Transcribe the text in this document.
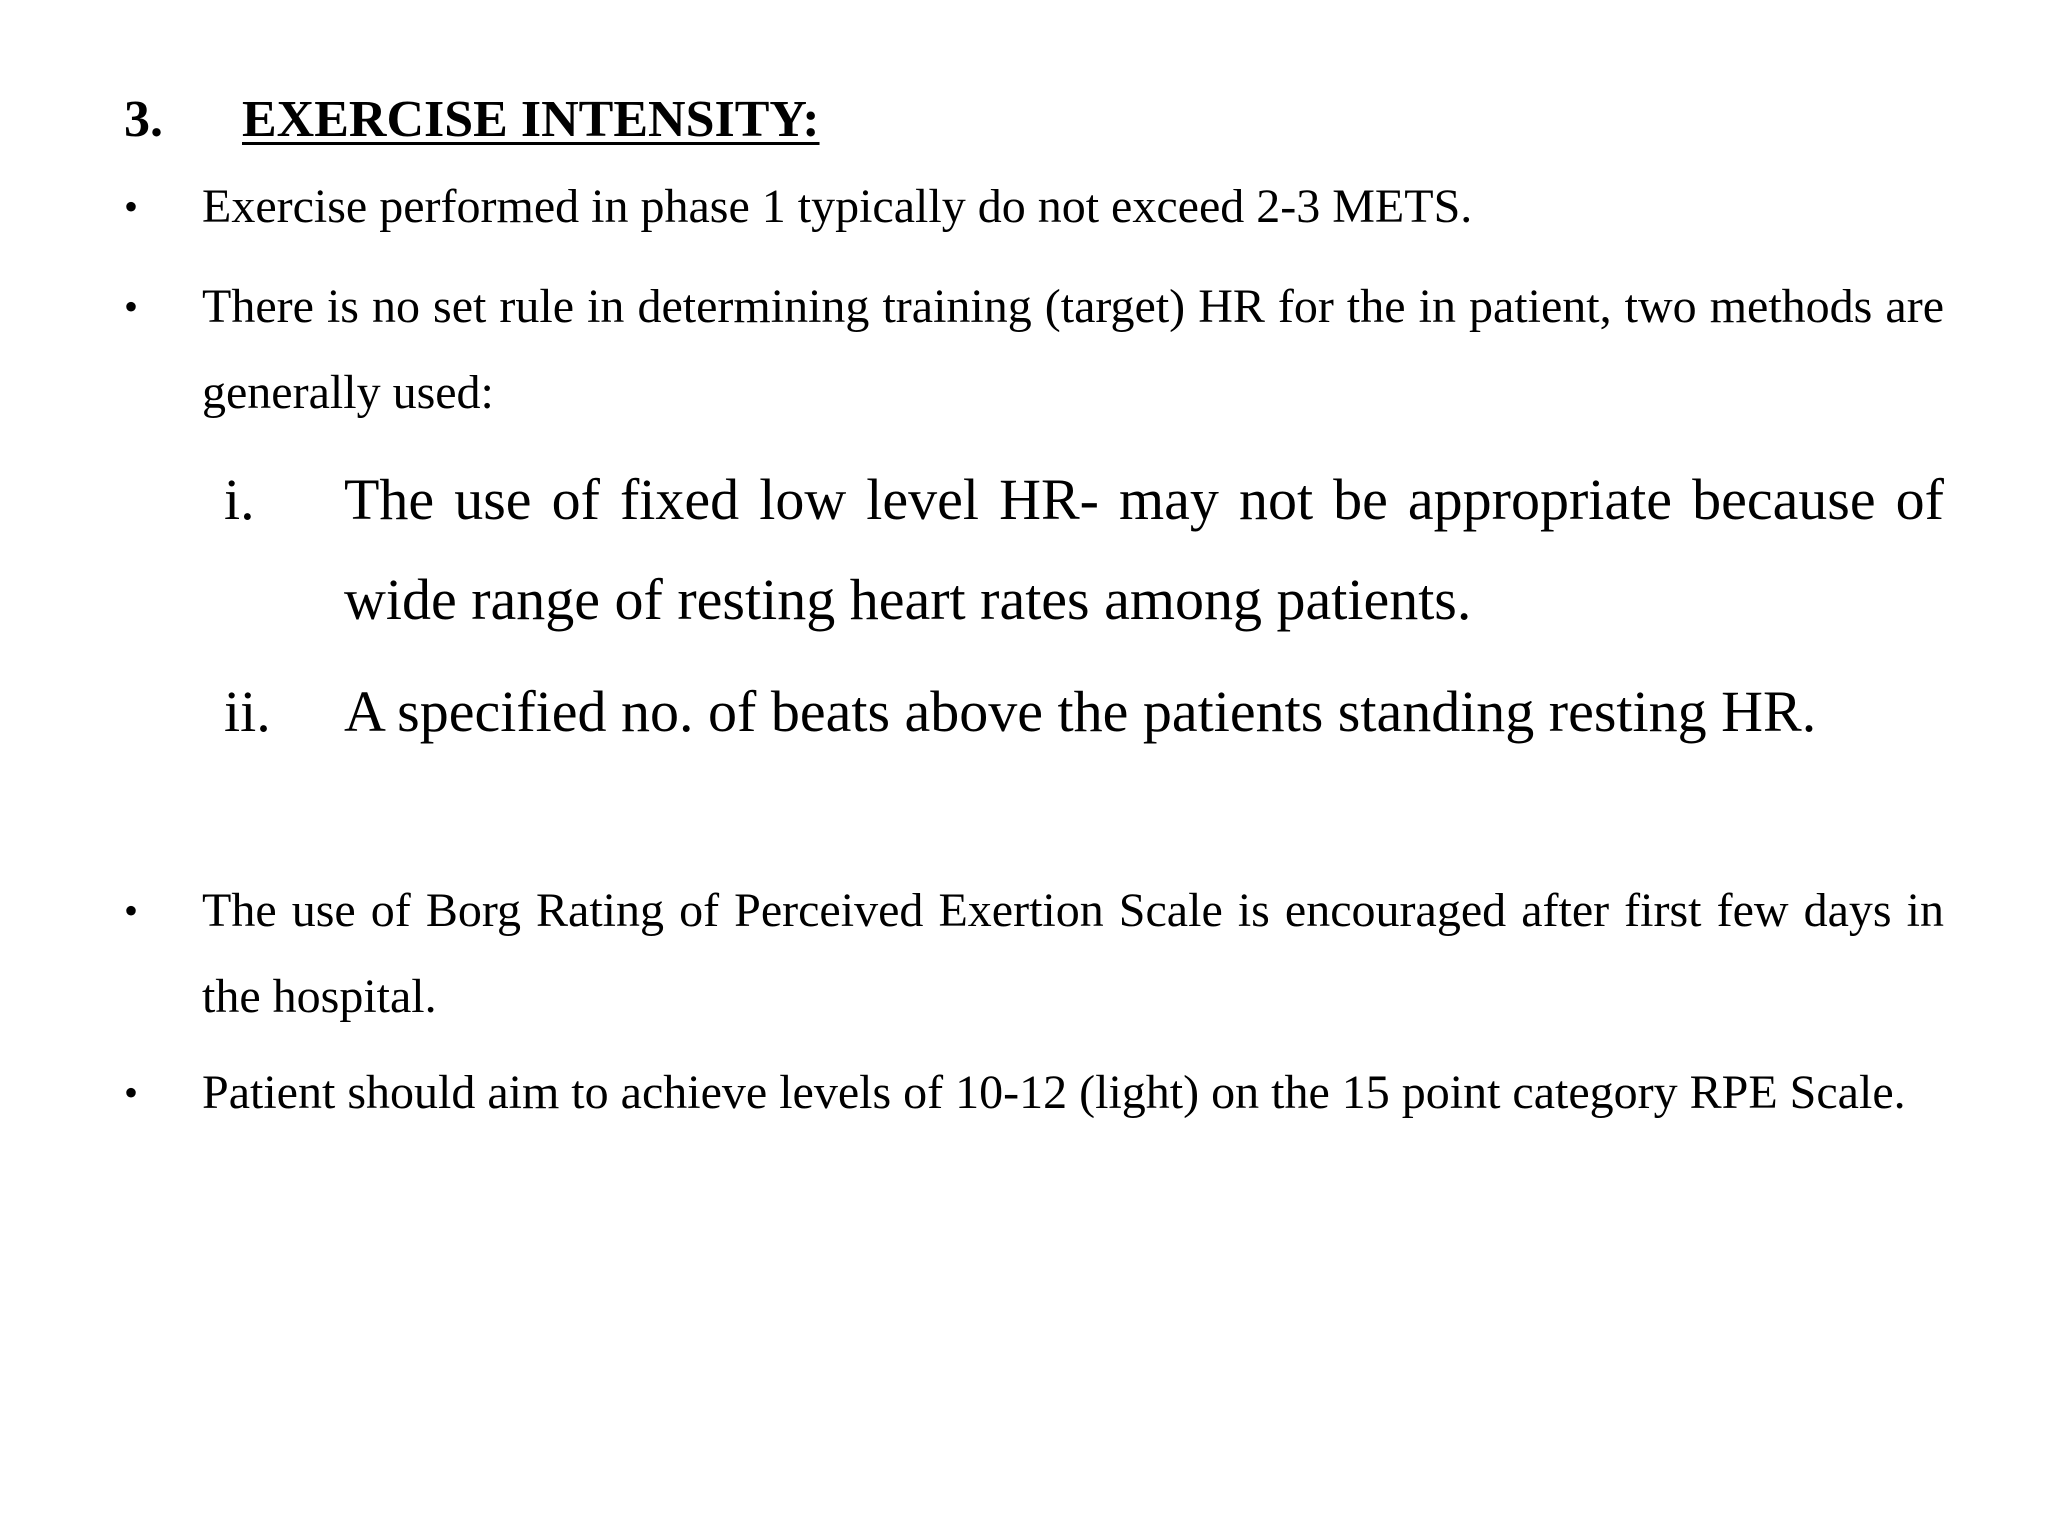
3. EXERCISE INTENSITY:
•	Exercise performed in phase 1 typically do not exceed 2-3 METS.
•	There is no set rule in determining training (target) HR for the in patient, two methods are generally used:
i. The use of fixed low level HR- may not be appropriate because of wide range of resting heart rates among patients.
ii. A specified no. of beats above the patients standing resting HR.
•	The use of Borg Rating of Perceived Exertion Scale is encouraged after first few days in the hospital.
•	Patient should aim to achieve levels of 10-12 (light) on the 15 point category RPE Scale.
